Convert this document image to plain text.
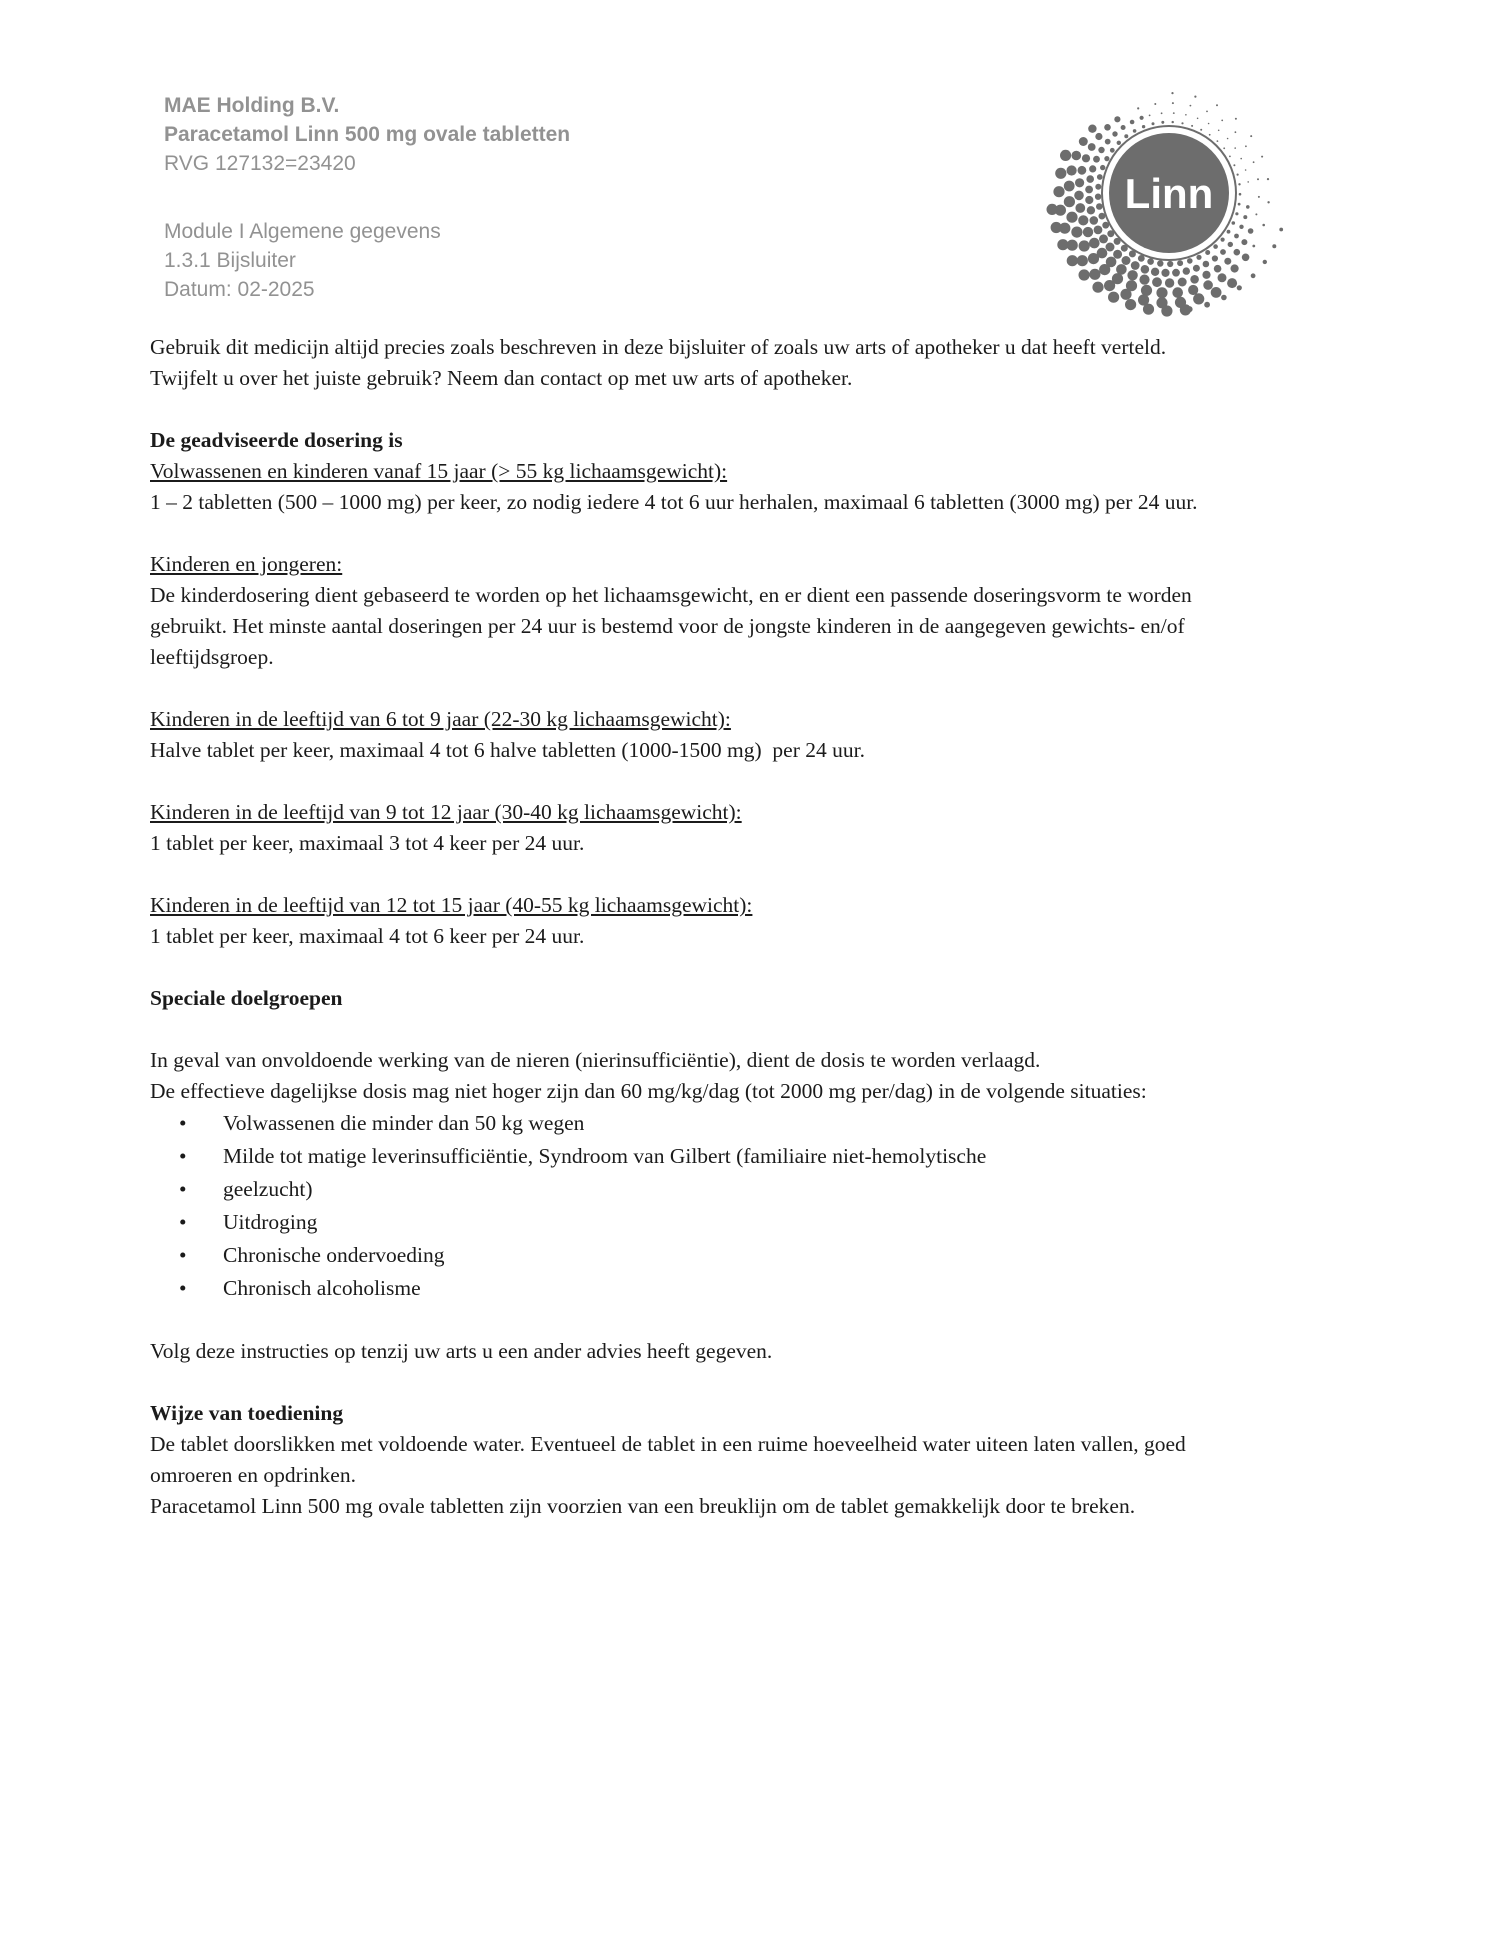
MAE Holding B.V.
Paracetamol Linn 500 mg ovale tabletten
RVG 127132=23420
Module I Algemene gegevens
1.3.1 Bijsluiter
Datum: 02-2025
Linn

Gebruik dit medicijn altijd precies zoals beschreven in deze bijsluiter of zoals uw arts of apotheker u dat heeft verteld. Twijfelt u over het juiste gebruik? Neem dan contact op met uw arts of apotheker.

De geadviseerde dosering is
Volwassenen en kinderen vanaf 15 jaar (> 55 kg lichaamsgewicht):

1 – 2 tabletten (500 – 1000 mg) per keer, zo nodig iedere 4 tot 6 uur herhalen, maximaal 6 tabletten (3000 mg) per 24 uur.

Kinderen en jongeren:

De kinderdosering dient gebaseerd te worden op het lichaamsgewicht, en er dient een passende doseringsvorm te worden gebruikt. Het minste aantal doseringen per 24 uur is bestemd voor de jongste kinderen in de aangegeven gewichts- en/of leeftijdsgroep.

Kinderen in de leeftijd van 6 tot 9 jaar (22-30 kg lichaamsgewicht):

Halve tablet per keer, maximaal 4 tot 6 halve tabletten (1000-1500 mg)  per 24 uur.

Kinderen in de leeftijd van 9 tot 12 jaar (30-40 kg lichaamsgewicht):

1 tablet per keer, maximaal 3 tot 4 keer per 24 uur.

Kinderen in de leeftijd van 12 tot 15 jaar (40-55 kg lichaamsgewicht):

1 tablet per keer, maximaal 4 tot 6 keer per 24 uur.

Speciale doelgroepen

In geval van onvoldoende werking van de nieren (nierinsufficiëntie), dient de dosis te worden verlaagd.

De effectieve dagelijkse dosis mag niet hoger zijn dan 60 mg/kg/dag (tot 2000 mg per/dag) in de volgende situaties:

•	Volwassenen die minder dan 50 kg wegen
•	Milde tot matige leverinsufficiëntie, Syndroom van Gilbert (familiaire niet-hemolytische
•	geelzucht)
•	Uitdroging
•	Chronische ondervoeding
•	Chronisch alcoholisme

Volg deze instructies op tenzij uw arts u een ander advies heeft gegeven.

Wijze van toediening

De tablet doorslikken met voldoende water. Eventueel de tablet in een ruime hoeveelheid water uiteen laten vallen, goed omroeren en opdrinken.

Paracetamol Linn 500 mg ovale tabletten zijn voorzien van een breuklijn om de tablet gemakkelijk door te breken.
